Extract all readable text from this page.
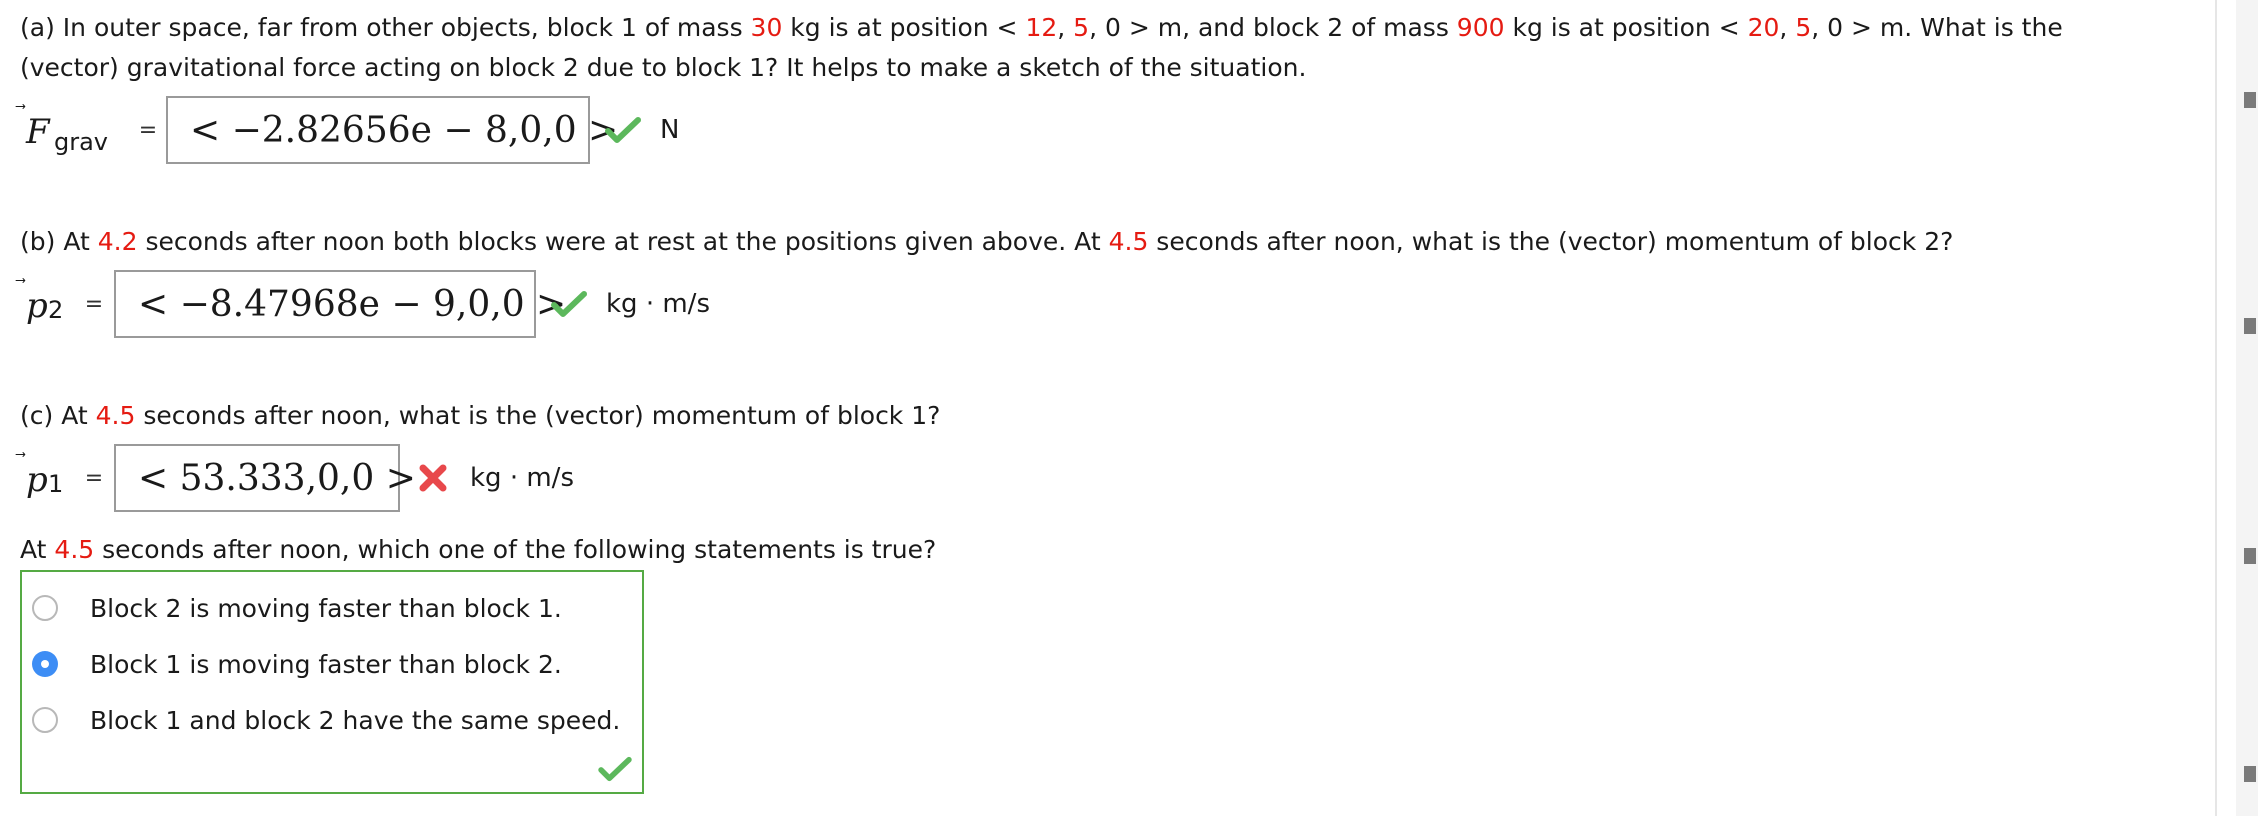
(a) In outer space, far from other objects, block 1 of mass 30 kg is at position < 12, 5, 0 > m, and block 2 of mass 900 kg is at position < 20, 5, 0 > m. What is the

(vector) gravitational force acting on block 2 due to block 1? It helps to make a sketch of the situation.

F grav = < −2.82656e − 8,0,0 > N

(b) At 4.2 seconds after noon both blocks were at rest at the positions given above. At 4.5 seconds after noon, what is the (vector) momentum of block 2?

p 2 = < −8.47968e − 9,0,0 > kg · m/s

(c) At 4.5 seconds after noon, what is the (vector) momentum of block 1?

p 1 = < 53.333,0,0 > kg · m/s

At 4.5 seconds after noon, which one of the following statements is true?

Block 2 is moving faster than block 1.
Block 1 is moving faster than block 2.
Block 1 and block 2 have the same speed.
